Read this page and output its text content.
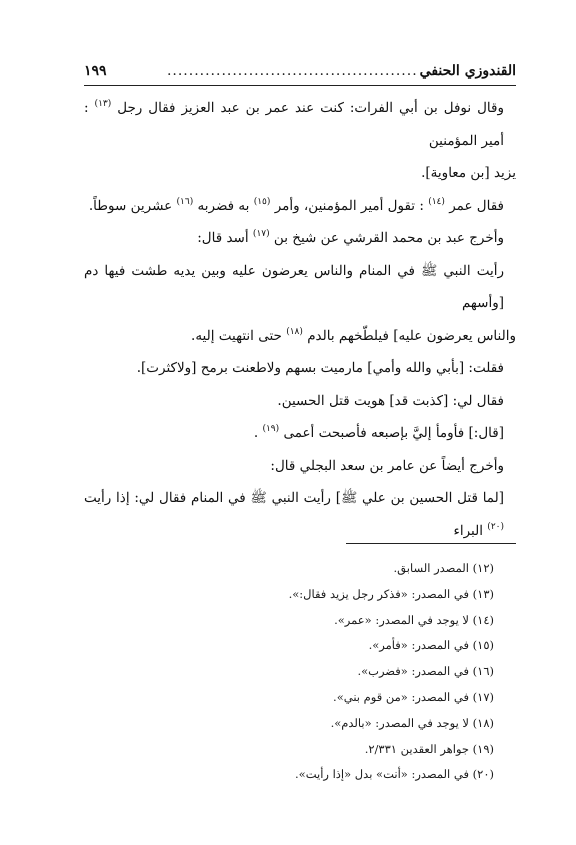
القندوزي الحنفي
..............................................
١٩٩

وقال نوفل بن أبي الفرات: كنت عند عمر بن عبد العزيز فقال رجل $^{(١٣)}$ : أمير المؤمنين

يزيد [بن معاوية].

فقال عمر $^{(١٤)}$ : تقول أمير المؤمنين، وأمر $^{(١٥)}$ به فضربه $^{(١٦)}$ عشرين سوطاً.

وأخرج عبد بن محمد القرشي عن شيخ بن $^{(١٧)}$ أسد قال:

رأيت النبي ﷺ في المنام والناس يعرضون عليه وبين يديه طشت فيها دم [وأسهم

والناس يعرضون عليه] فيلطّخهم بالدم $^{(١٨)}$ حتى انتهيت إليه.

فقلت: [بأبي والله وأمي] مارميت بسهم ولاطعنت برمح [ولاكثرت].

فقال لي: [كذبت قد] هويت قتل الحسين.

[قال:] فأومأ إليَّ بإصبعه فأصبحت أعمى $^{(١٩)}$ .

وأخرج أيضاً عن عامر بن سعد البجلي قال:

[لما قتل الحسين بن علي ﷺ] رأيت النبي ﷺ في المنام فقال لي: إذا رأيت $^{(٢٠)}$ البراء

(١٢) المصدر السابق.
(١٣) في المصدر: «فذكر رجل يزيد فقال:».
(١٤) لا يوجد في المصدر: «عمر».
(١٥) في المصدر: «فأمر».
(١٦) في المصدر: «فضرب».
(١٧) في المصدر: «من قوم بني».
(١٨) لا يوجد في المصدر: «بالدم».
(١٩) جواهر العقدين ٢/٣٣١.
(٢٠) في المصدر: «أنت» بدل «إذا رأيت».
